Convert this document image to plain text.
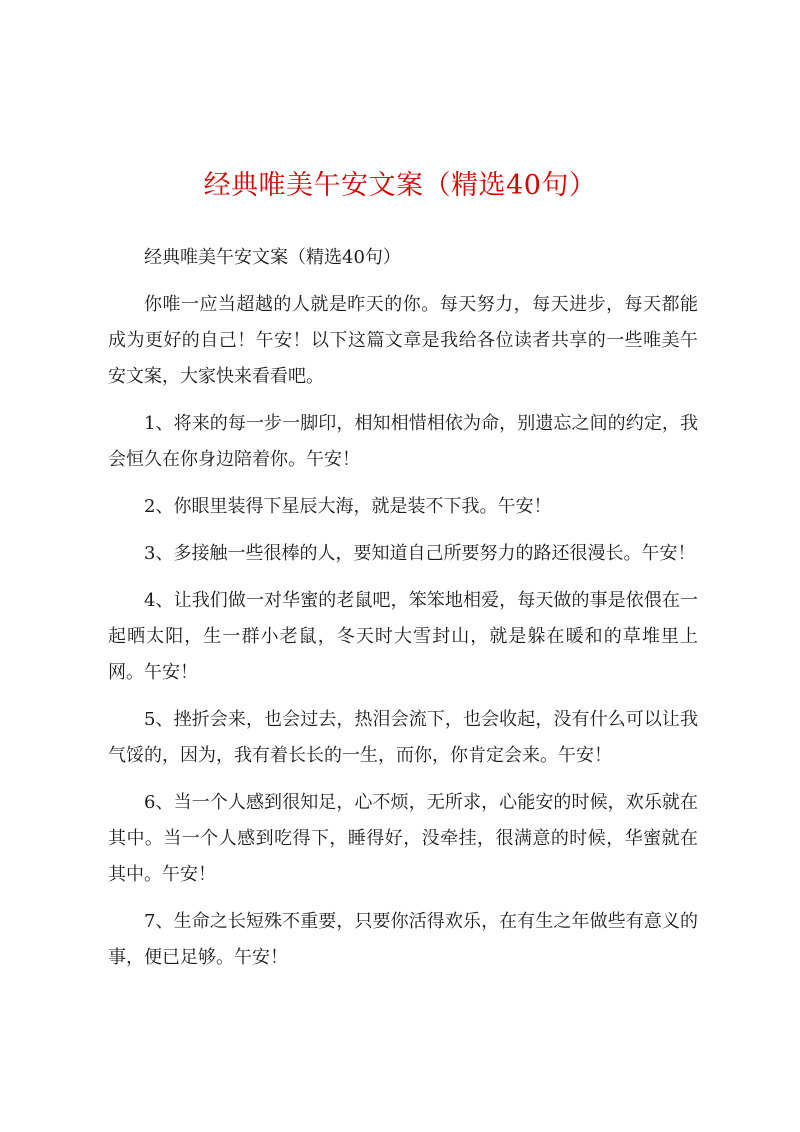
经典唯美午安文案（精选40句）

经典唯美午安文案（精选40句）

你唯一应当超越的人就是昨天的你。每天努力，每天进步，每天都能成为更好的自己！午安！以下这篇文章是我给各位读者共享的一些唯美午安文案，大家快来看看吧。

1、将来的每一步一脚印，相知相惜相依为命，别遗忘之间的约定，我会恒久在你身边陪着你。午安！

2、你眼里装得下星辰大海，就是装不下我。午安！

3、多接触一些很棒的人，要知道自己所要努力的路还很漫长。午安！

4、让我们做一对华蜜的老鼠吧，笨笨地相爱，每天做的事是依偎在一起晒太阳，生一群小老鼠，冬天时大雪封山，就是躲在暖和的草堆里上网。午安！

5、挫折会来，也会过去，热泪会流下，也会收起，没有什么可以让我气馁的，因为，我有着长长的一生，而你，你肯定会来。午安！

6、当一个人感到很知足，心不烦，无所求，心能安的时候，欢乐就在其中。当一个人感到吃得下，睡得好，没牵挂，很满意的时候，华蜜就在其中。午安！

7、生命之长短殊不重要，只要你活得欢乐，在有生之年做些有意义的事，便已足够。午安！
